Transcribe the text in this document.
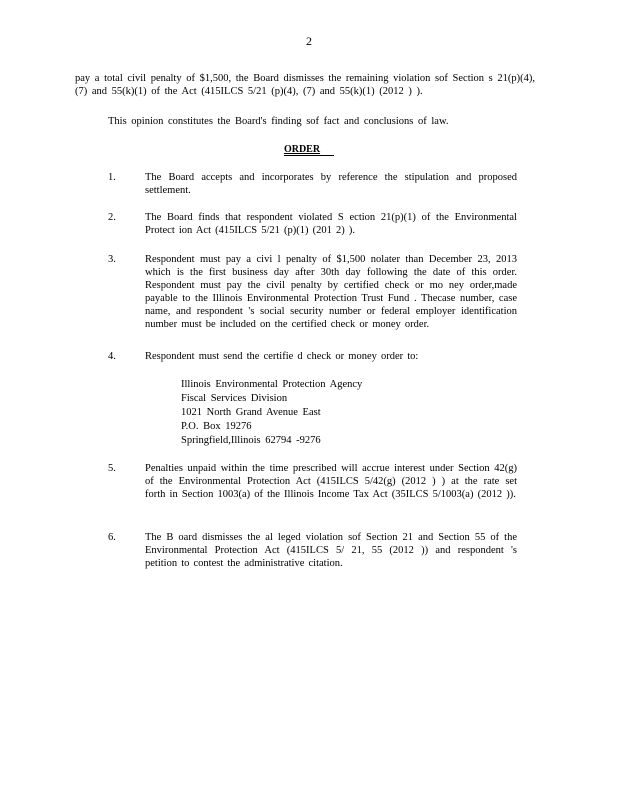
2
pay a total civil penalty of $1,500, the Board dismisses the remaining violation sof Section s 21(p)(4), (7) and 55(k)(1) of the Act (415ILCS 5/21 (p)(4), (7) and 55(k)(1) (2012 ) ).
This opinion constitutes the Board's finding sof fact and conclusions of law.
ORDER
1.	The Board accepts and incorporates by reference the stipulation and proposed settlement.
2.	The Board finds that respondent violated S ection 21(p)(1) of the Environmental Protect ion Act (415ILCS 5/21 (p)(1) (201 2) ).
3.	Respondent must pay a civi l penalty of $1,500 nolater than December 23, 2013 which is the first business day after 30th day following the date of this order. Respondent must pay the civil penalty by certified check or mo ney order,made payable to the Illinois Environmental Protection Trust Fund . Thecase number, case name, and respondent 's social security number or federal employer identification number must be included on the certified check or money order.
4.	Respondent must send the certifie d check or money order to:
Illinois Environmental Protection Agency
Fiscal Services Division
1021 North Grand Avenue East
P.O. Box 19276
Springfield,Illinois 62794 -9276
5.	Penalties unpaid within the time prescribed will accrue interest under Section 42(g) of the Environmental Protection Act (415ILCS 5/42(g) (2012 ) ) at the rate set forth in Section 1003(a) of the Illinois Income Tax Act (35ILCS 5/1003(a) (2012 )).
6.	The B oard dismisses the al leged violation sof Section 21 and Section 55 of the Environmental Protection Act (415ILCS 5/ 21, 55 (2012 )) and respondent 's petition to contest the administrative citation.
